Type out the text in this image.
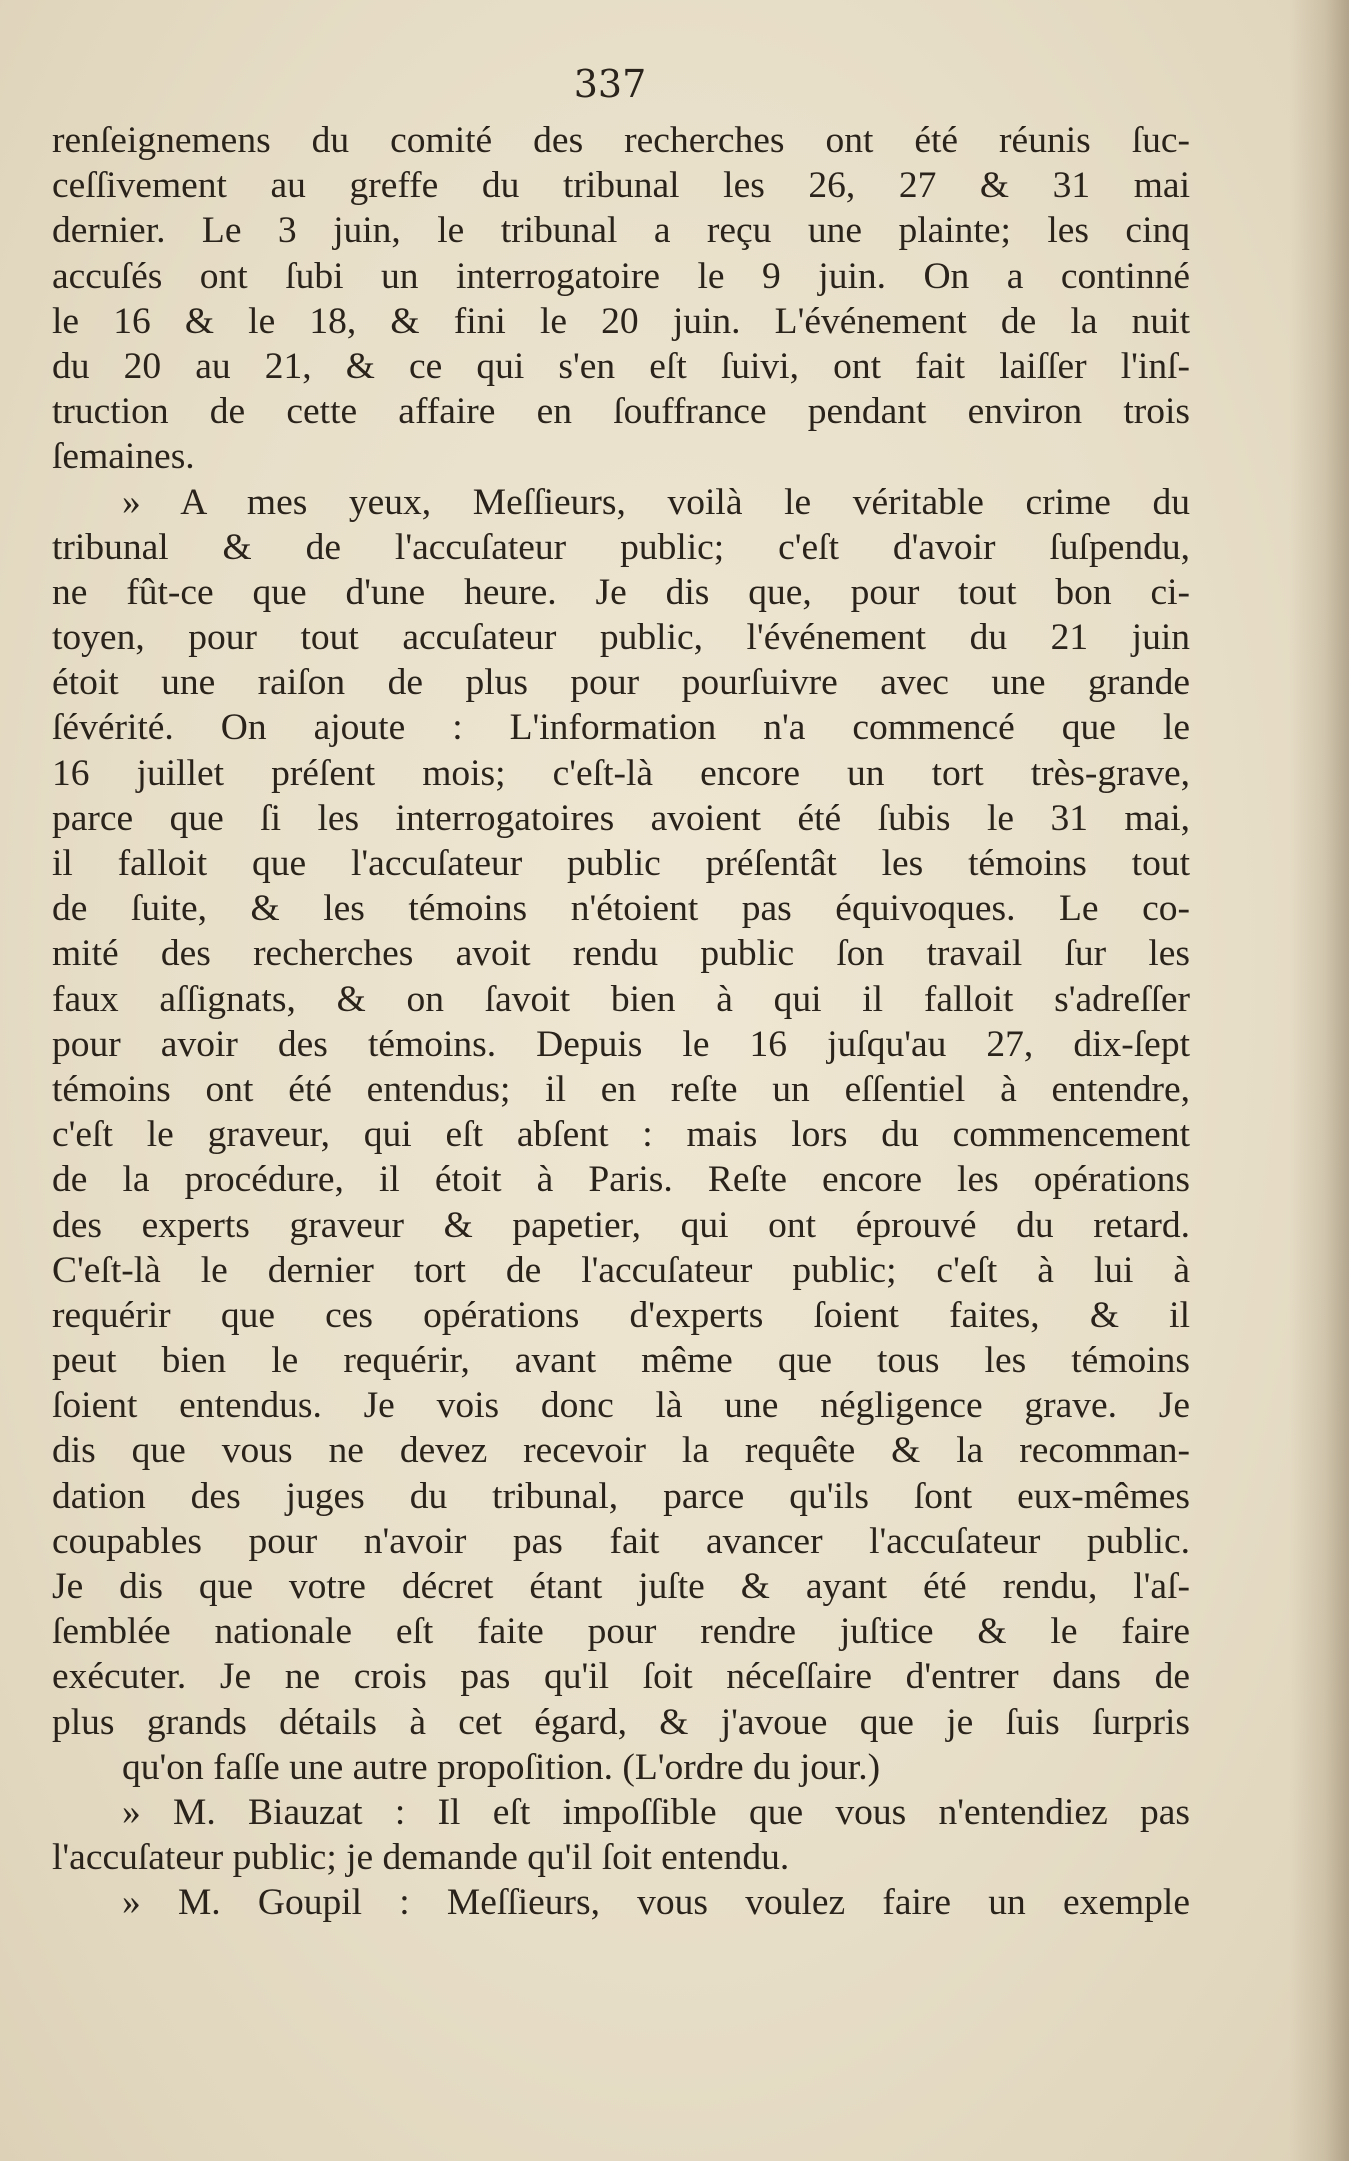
337

renſeignemens du comité des recherches ont été réunis ſuc-
ceſſivement au greffe du tribunal les 26, 27 & 31 mai
dernier. Le 3 juin, le tribunal a reçu une plainte; les cinq
accuſés ont ſubi un interrogatoire le 9 juin. On a continné
le 16 & le 18, & fini le 20 juin. L'événement de la nuit
du 20 au 21, & ce qui s'en eſt ſuivi, ont fait laiſſer l'inſ-
truction de cette affaire en ſouffrance pendant environ trois
ſemaines.
» A mes yeux, Meſſieurs, voilà le véritable crime du
tribunal & de l'accuſateur public; c'eſt d'avoir ſuſpendu,
ne fût-ce que d'une heure. Je dis que, pour tout bon ci-
toyen, pour tout accuſateur public, l'événement du 21 juin
étoit une raiſon de plus pour pourſuivre avec une grande
ſévérité. On ajoute : L'information n'a commencé que le
16 juillet préſent mois; c'eſt-là encore un tort très-grave,
parce que ſi les interrogatoires avoient été ſubis le 31 mai,
il falloit que l'accuſateur public préſentât les témoins tout
de ſuite, & les témoins n'étoient pas équivoques. Le co-
mité des recherches avoit rendu public ſon travail ſur les
faux aſſignats, & on ſavoit bien à qui il falloit s'adreſſer
pour avoir des témoins. Depuis le 16 juſqu'au 27, dix-ſept
témoins ont été entendus; il en reſte un eſſentiel à entendre,
c'eſt le graveur, qui eſt abſent : mais lors du commencement
de la procédure, il étoit à Paris. Reſte encore les opérations
des experts graveur & papetier, qui ont éprouvé du retard.
C'eſt-là le dernier tort de l'accuſateur public; c'eſt à lui à
requérir que ces opérations d'experts ſoient faites, & il
peut bien le requérir, avant même que tous les témoins
ſoient entendus. Je vois donc là une négligence grave. Je
dis que vous ne devez recevoir la requête & la recomman-
dation des juges du tribunal, parce qu'ils ſont eux-mêmes
coupables pour n'avoir pas fait avancer l'accuſateur public.
Je dis que votre décret étant juſte & ayant été rendu, l'aſ-
ſemblée nationale eſt faite pour rendre juſtice & le faire
exécuter. Je ne crois pas qu'il ſoit néceſſaire d'entrer dans de
plus grands détails à cet égard, & j'avoue que je ſuis ſurpris
qu'on faſſe une autre propoſition. (L'ordre du jour.)
» M. Biauzat : Il eſt impoſſible que vous n'entendiez pas
l'accuſateur public; je demande qu'il ſoit entendu.
» M. Goupil : Meſſieurs, vous voulez faire un exemple
